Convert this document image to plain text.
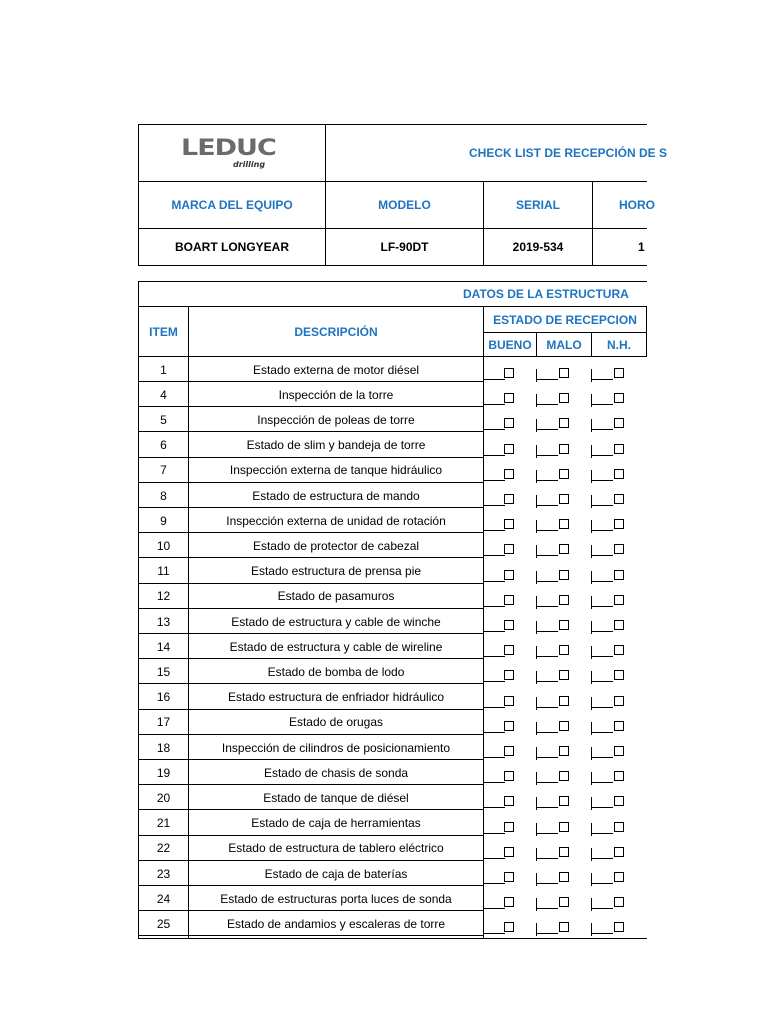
LEDUC
drilling
CHECK LIST DE RECEPCIÓN DE S
MARCA DEL EQUIPO	MODELO	SERIAL	HORO
BOART LONGYEAR	LF-90DT	2019-534	1
DATOS DE LA ESTRUCTURA
ITEM	DESCRIPCIÓN
ESTADO DE RECEPCION
BUENO	MALO	N.H.
1	Estado externa de motor diésel
4	Inspección de la torre
5	Inspección de poleas de torre
6	Estado de slim y bandeja de torre
7	Inspección externa de tanque hidráulico
8	Estado de estructura de mando
9	Inspección externa de unidad de rotación
10	Estado de protector de cabezal
11	Estado estructura de prensa pie
12	Estado de pasamuros
13	Estado de estructura y cable de winche
14	Estado de estructura y cable de wireline
15	Estado de bomba de lodo
16	Estado estructura de enfriador hidráulico
17	Estado de orugas
18	Inspección de cilindros de posicionamiento
19	Estado de chasis de sonda
20	Estado de tanque de diésel
21	Estado de caja de herramientas
22	Estado de estructura de tablero eléctrico
23	Estado de caja de baterías
24	Estado de estructuras porta luces de sonda
25	Estado de andamios y escaleras de torre
